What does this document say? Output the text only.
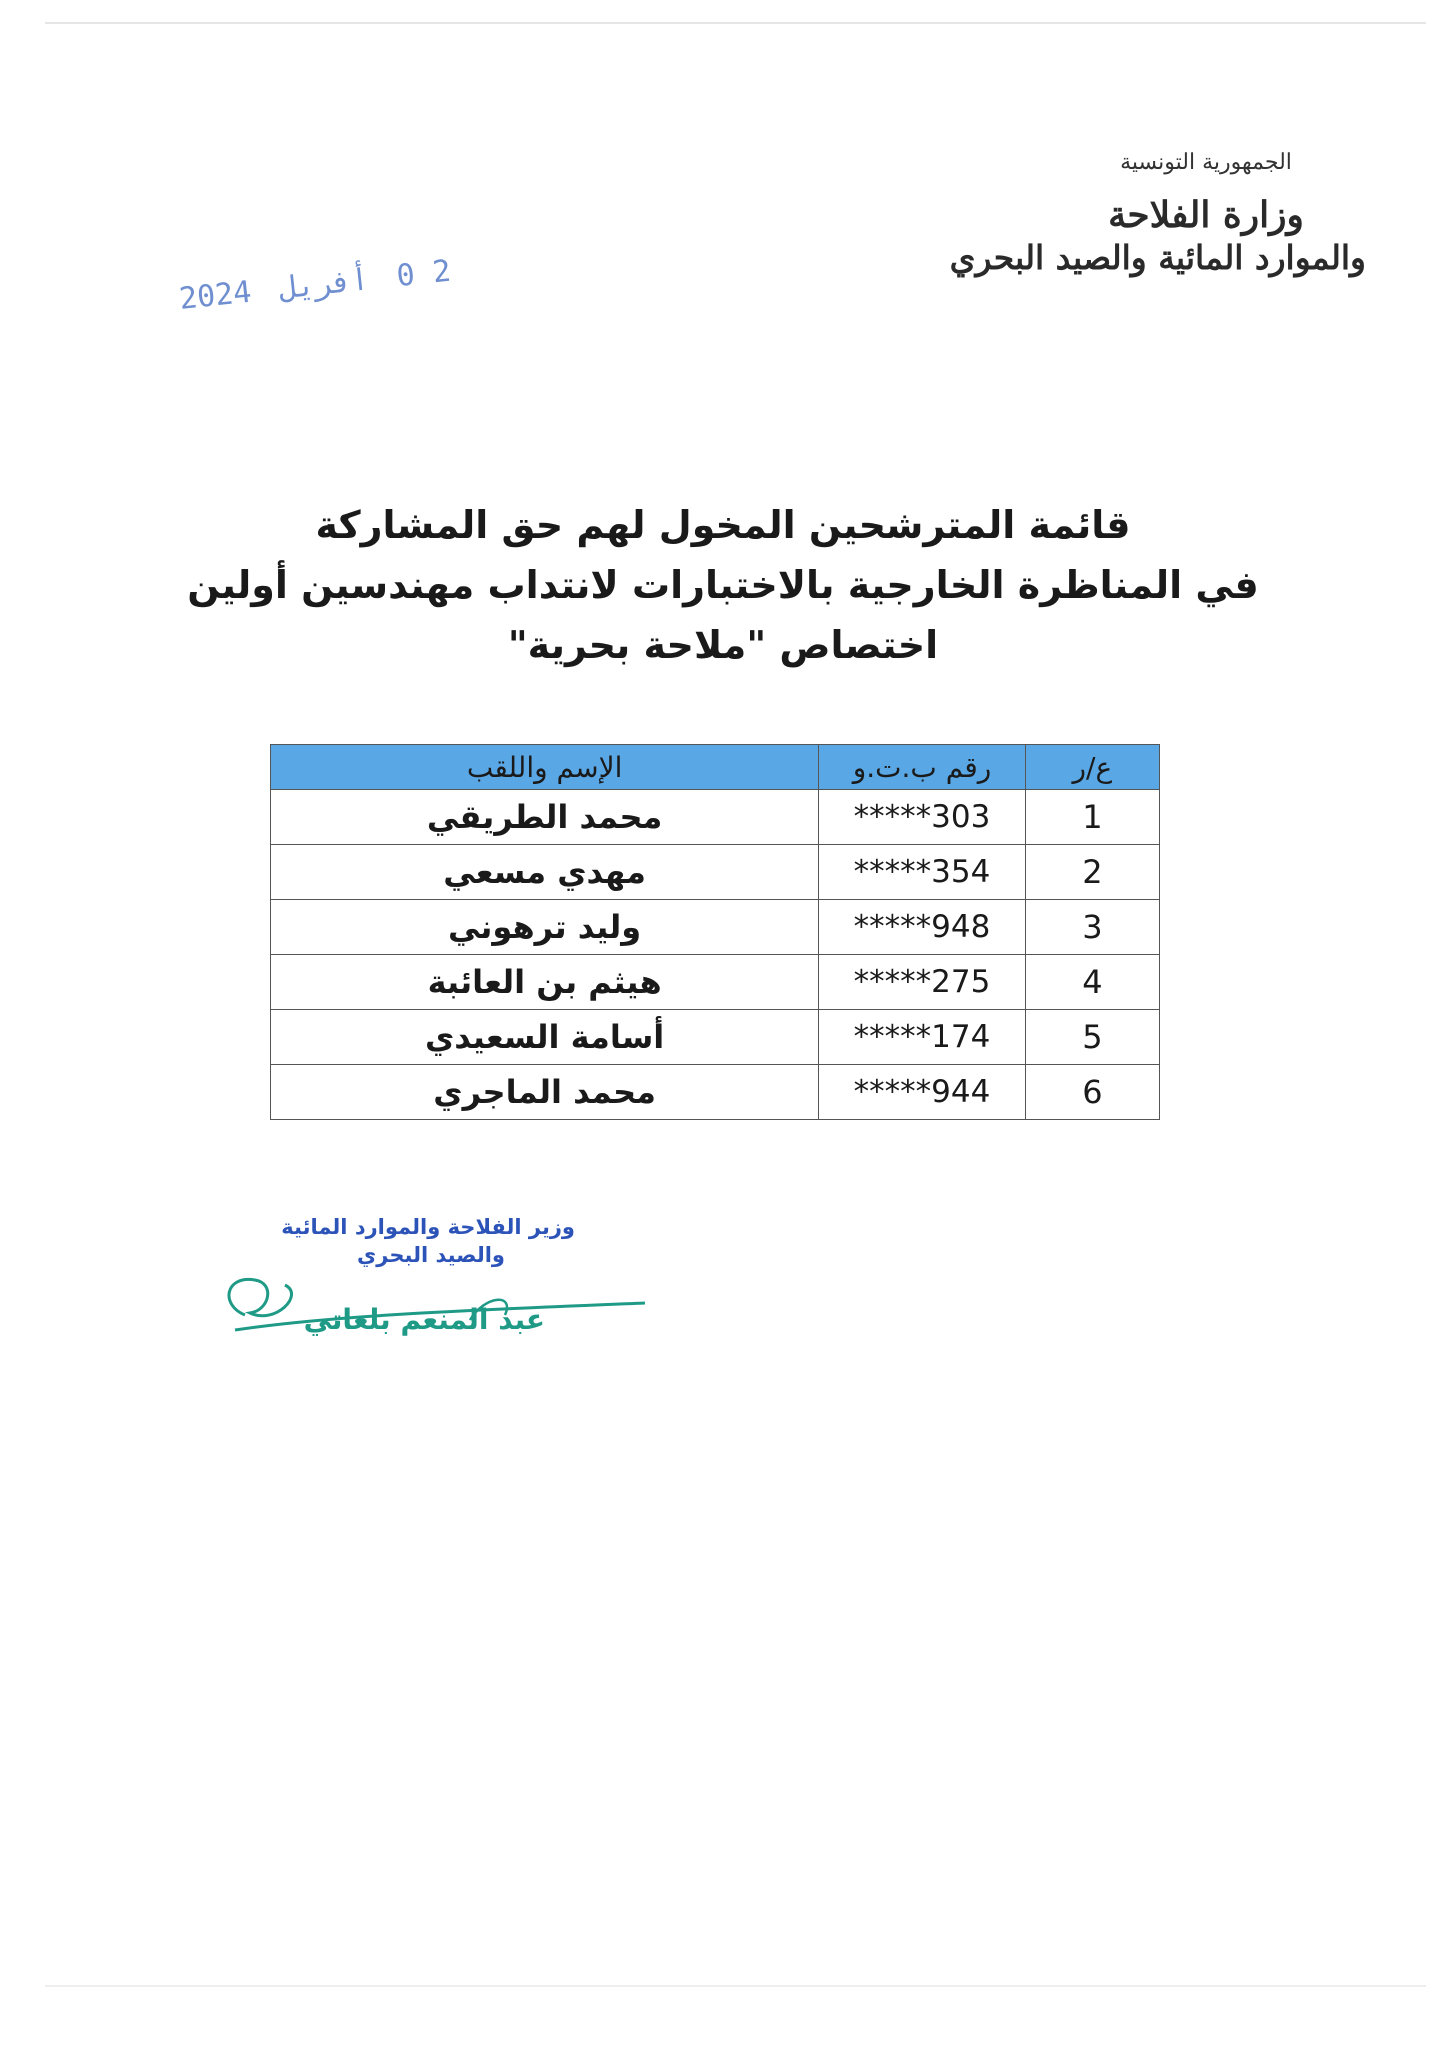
الجمهورية التونسية
وزارة الفلاحة
والموارد المائية والصيد البحري
2024 أفريل 0 2
قائمة المترشحين المخول لهم حق المشاركة
في المناظرة الخارجية بالاختبارات لانتداب مهندسين أولين
اختصاص "ملاحة بحرية"
ع/ر	رقم ب.ت.و	الإسم واللقب
1	*****303	محمد الطريقي
2	*****354	مهدي مسعي
3	*****948	وليد ترهوني
4	*****275	هيثم بن العائبة
5	*****174	أسامة السعيدي
6	*****944	محمد الماجري
وزير الفلاحة والموارد المائية
والصيد البحري
عبد المنعم بلعاتي
